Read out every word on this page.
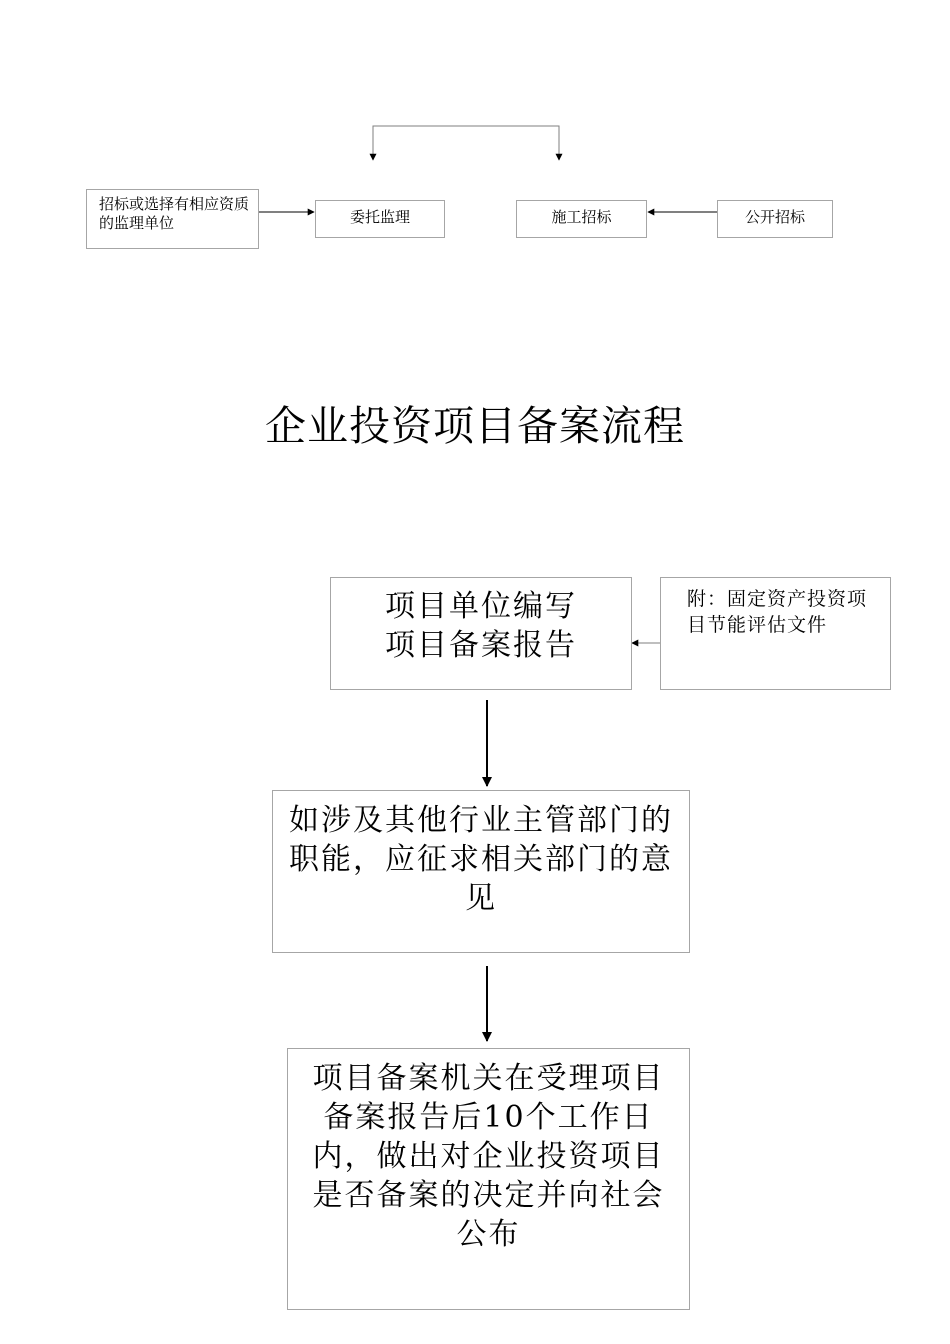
招标或选择有相应资质的监理单位	委托监理	施工招标	公开招标
企业投资项目备案流程
项目单位编写项目备案报告
附：固定资产投资项目节能评估文件
如涉及其他行业主管部门的职能，应征求相关部门的意见
项目备案机关在受理项目备案报告后10个工作日内，做出对企业投资项目是否备案的决定并向社会公布
